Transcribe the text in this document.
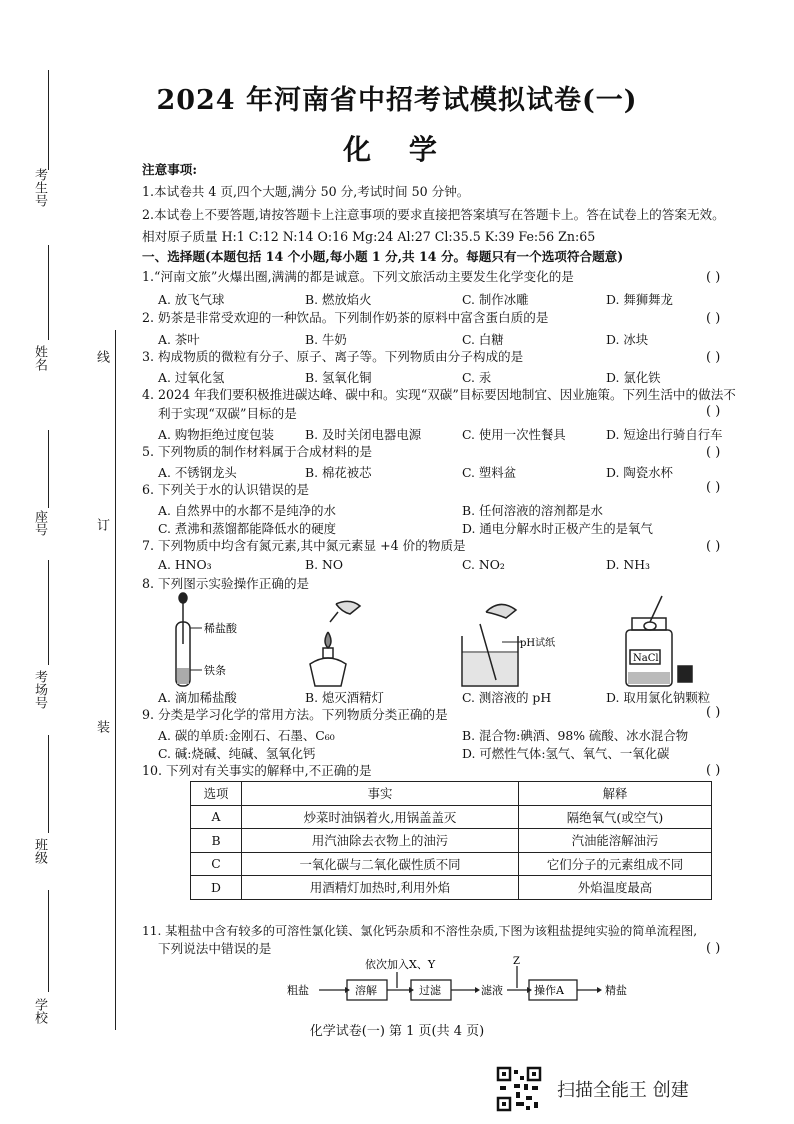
考生号
姓名
座号
考场号
班级
学校
线
订
装
2024 年河南省中招考试模拟试卷(一)
化 学
注意事项:
1.本试卷共 4 页,四个大题,满分 50 分,考试时间 50 分钟。
2.本试卷上不要答题,请按答题卡上注意事项的要求直接把答案填写在答题卡上。答在试卷上的答案无效。
相对原子质量 H:1 C:12 N:14 O:16 Mg:24 Al:27 Cl:35.5 K:39 Fe:56 Zn:65
一、选择题(本题包括 14 个小题,每小题 1 分,共 14 分。每题只有一个选项符合题意)
1.“河南文旅”火爆出圈,满满的都是诚意。下列文旅活动主要发生化学变化的是	( )
A. 放飞气球	B. 燃放焰火	C. 制作冰雕	D. 舞狮舞龙
2. 奶茶是非常受欢迎的一种饮品。下列制作奶茶的原料中富含蛋白质的是	( )
A. 茶叶	B. 牛奶	C. 白糖	D. 冰块
3. 构成物质的微粒有分子、原子、离子等。下列物质由分子构成的是	( )
A. 过氧化氢	B. 氢氧化铜	C. 汞	D. 氯化铁
4. 2024 年我们要积极推进碳达峰、碳中和。实现“双碳”目标要因地制宜、因业施策。下列生活中的做法不
利于实现“双碳”目标的是	( )
A. 购物拒绝过度包装	B. 及时关闭电器电源	C. 使用一次性餐具	D. 短途出行骑自行车
5. 下列物质的制作材料属于合成材料的是	( )
A. 不锈钢龙头	B. 棉花被芯	C. 塑料盆	D. 陶瓷水杯
6. 下列关于水的认识错误的是	( )
A. 自然界中的水都不是纯净的水	B. 任何溶液的溶剂都是水
C. 煮沸和蒸馏都能降低水的硬度	D. 通电分解水时正极产生的是氧气
7. 下列物质中均含有氮元素,其中氮元素显 +4 价的物质是	( )
A. HNO₃	B. NO	C. NO₂	D. NH₃
8. 下列图示实验操作正确的是
稀盐酸
铁条
pH试纸
NaCl
A. 滴加稀盐酸	B. 熄灭酒精灯	C. 测溶液的 pH	D. 取用氯化钠颗粒
9. 分类是学习化学的常用方法。下列物质分类正确的是	( )
A. 碳的单质:金刚石、石墨、C₆₀	B. 混合物:碘酒、98% 硫酸、冰水混合物
C. 碱:烧碱、纯碱、氢氧化钙	D. 可燃性气体:氢气、氧气、一氧化碳
10. 下列对有关事实的解释中,不正确的是	( )
选项	事实	解释
A	炒菜时油锅着火,用锅盖盖灭	隔绝氧气(或空气)
B	用汽油除去衣物上的油污	汽油能溶解油污
C	一氧化碳与二氧化碳性质不同	它们分子的元素组成不同
D	用酒精灯加热时,利用外焰	外焰温度最高
11. 某粗盐中含有较多的可溶性氯化镁、氯化钙杂质和不溶性杂质,下图为该粗盐提纯实验的简单流程图,
下列说法中错误的是	( )
粗盐	溶解	过滤	滤液	操作A	精盐
依次加入X、Y	Z
化学试卷(一) 第 1 页(共 4 页)
扫描全能王 创建
